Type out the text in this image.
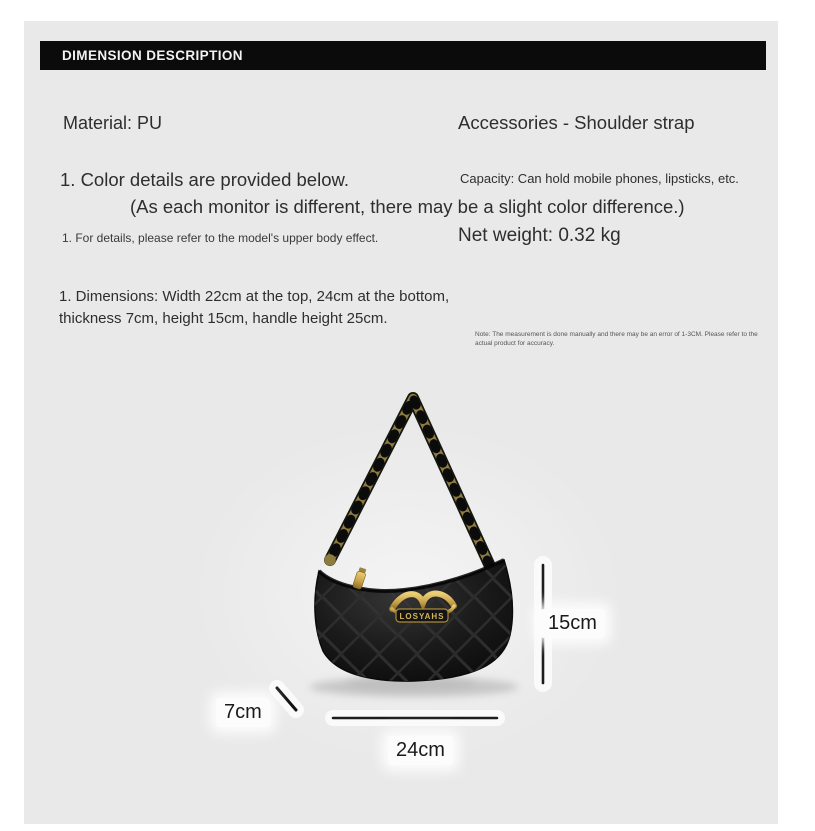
DIMENSION DESCRIPTION
Material: PU	Accessories - Shoulder strap
1. Color details are provided below.
(As each monitor is different, there may be a slight color difference.)
1. For details, please refer to the model's upper body effect.
Capacity: Can hold mobile phones, lipsticks, etc.
Net weight: 0.32 kg
1. Dimensions: Width 22cm at the top, 24cm at the bottom, thickness 7cm, height 15cm, handle height 25cm.
Note: The measurement is done manually and there may be an error of 1-3CM. Please refer to the actual product for accuracy.
LOSYAHS	15cm
7cm
24cm
